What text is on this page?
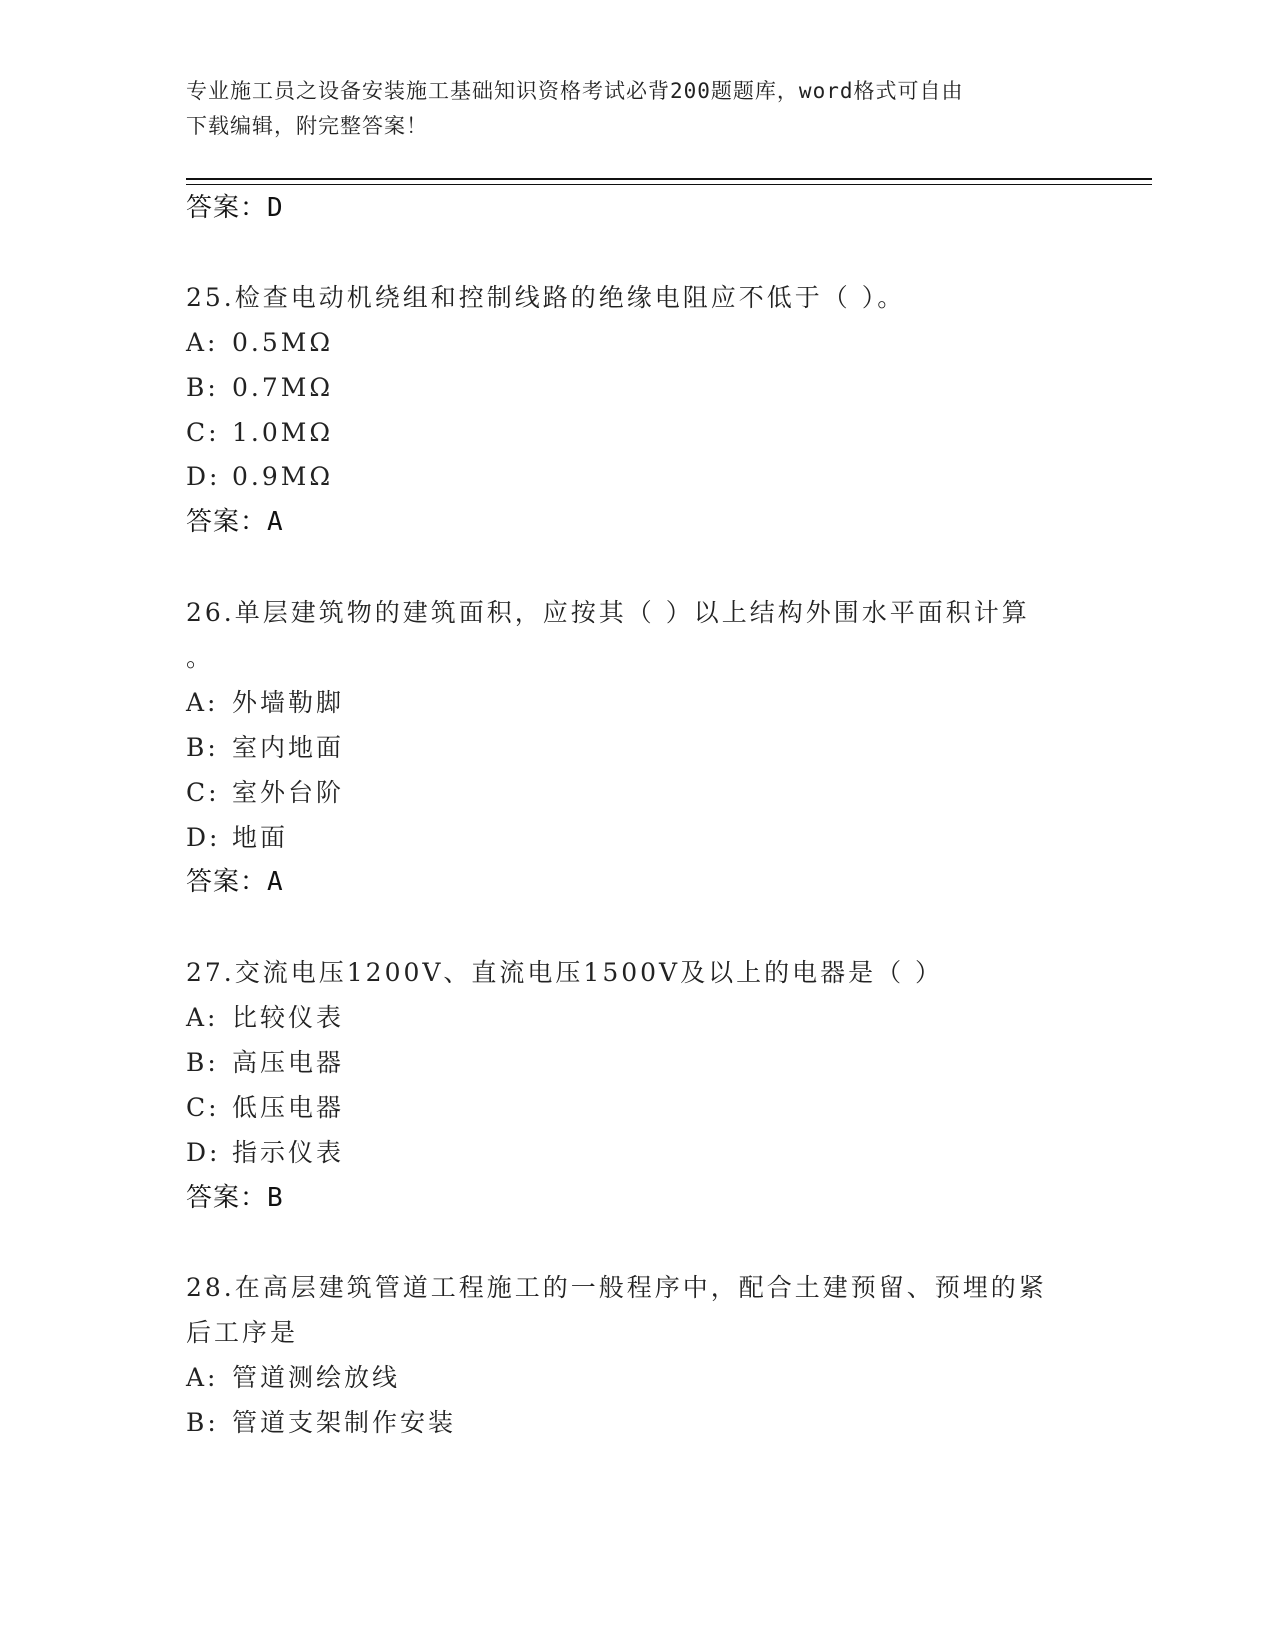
专业施工员之设备安装施工基础知识资格考试必背200题题库，word格式可自由
下载编辑，附完整答案！
答案：D
25.检查电动机绕组和控制线路的绝缘电阻应不低于（ ）。
A: 0.5MΩ
B: 0.7MΩ
C: 1.0MΩ
D: 0.9MΩ
答案：A
26.单层建筑物的建筑面积，应按其（ ）以上结构外围水平面积计算
。
A: 外墙勒脚
B: 室内地面
C: 室外台阶
D: 地面
答案：A
27.交流电压1200V、直流电压1500V及以上的电器是（ ）
A: 比较仪表
B: 高压电器
C: 低压电器
D: 指示仪表
答案：B
28.在高层建筑管道工程施工的一般程序中，配合土建预留、预埋的紧
后工序是
A: 管道测绘放线
B: 管道支架制作安装
